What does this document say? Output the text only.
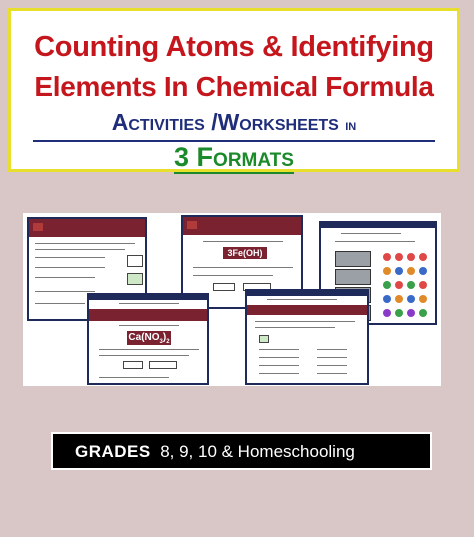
Counting Atoms & Identifying
Elements In Chemical Formula
Activities /Worksheets in
3 Formats
3Fe(OH)
$Ca(NO_3)_2$
GRADES 8, 9, 10 & Homeschooling
